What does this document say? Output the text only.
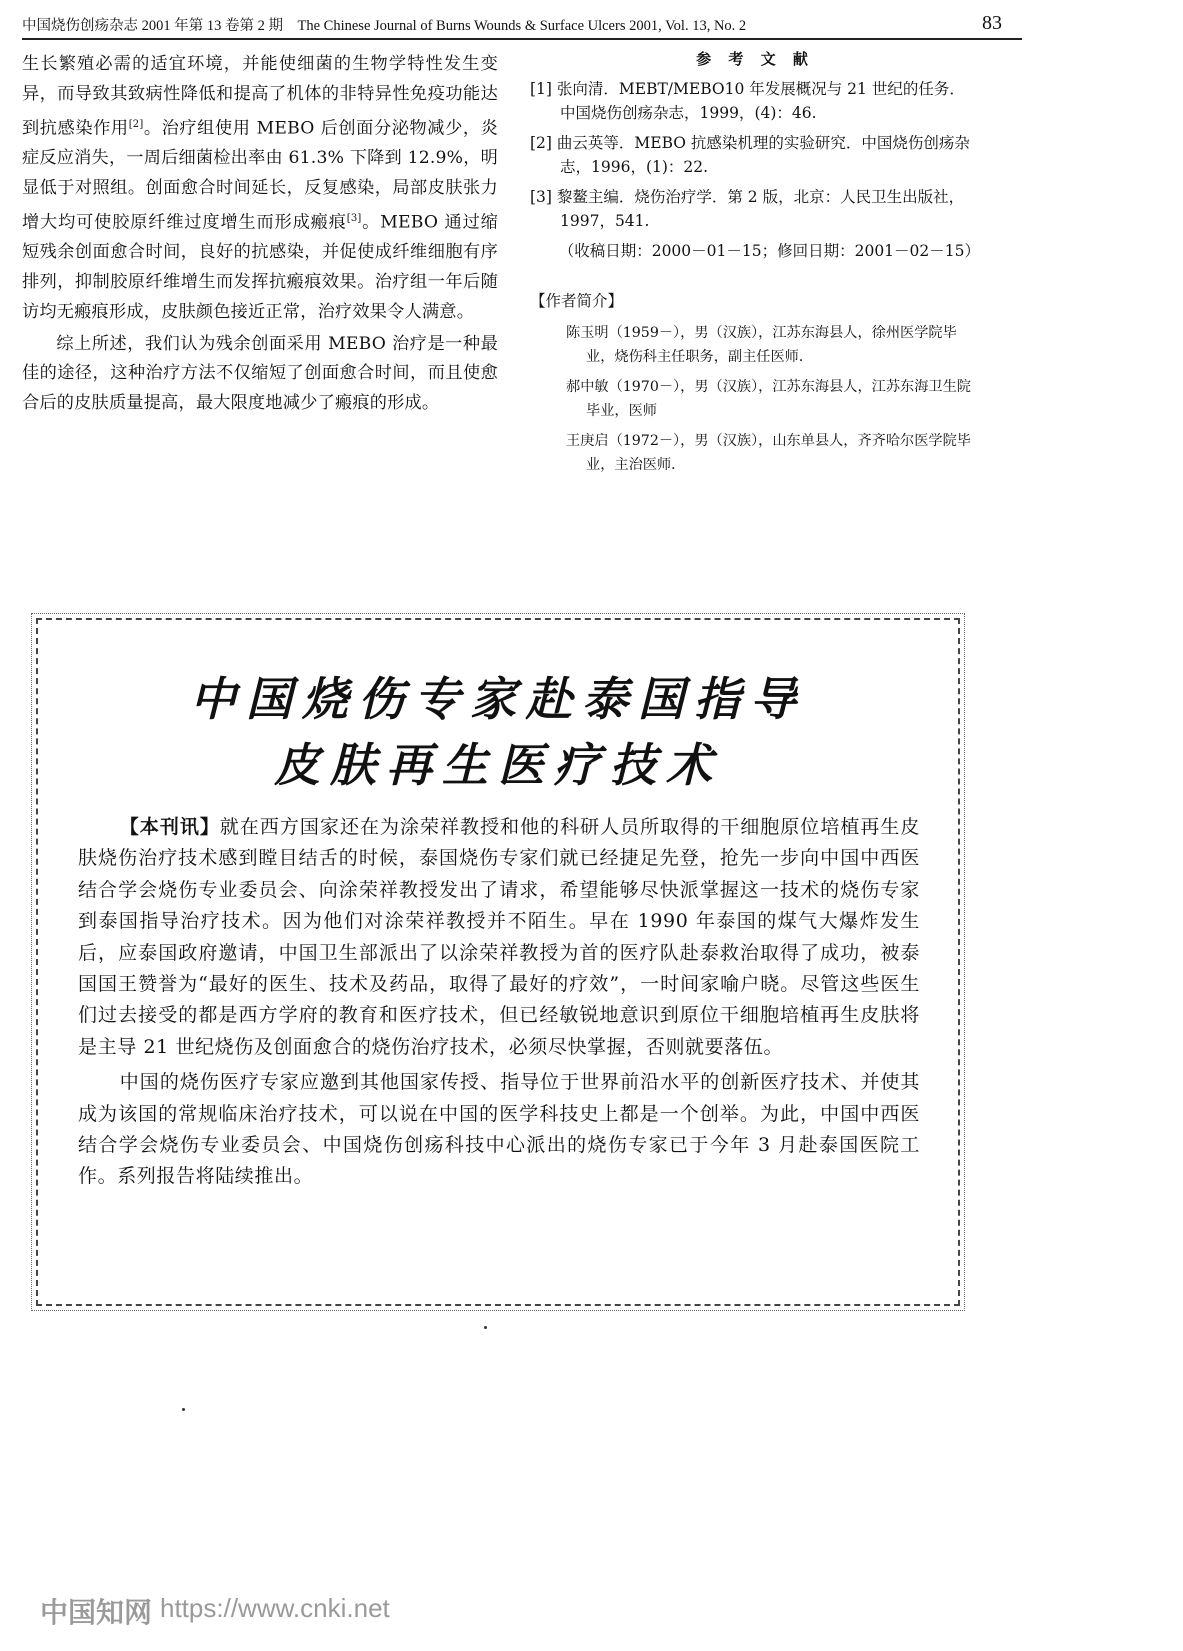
中国烧伤创疡杂志 2001 年第 13 卷第 2 期　The Chinese Journal of Burns Wounds & Surface Ulcers 2001, Vol. 13, No. 2	83

生长繁殖必需的适宜环境，并能使细菌的生物学特性发生变异，而导致其致病性降低和提高了机体的非特异性免疫功能达到抗感染作用[2]。治疗组使用 MEBO 后创面分泌物减少，炎症反应消失，一周后细菌检出率由 61.3% 下降到 12.9%，明显低于对照组。创面愈合时间延长，反复感染，局部皮肤张力增大均可使胶原纤维过度增生而形成瘢痕[3]。MEBO 通过缩短残余创面愈合时间，良好的抗感染，并促使成纤维细胞有序排列，抑制胶原纤维增生而发挥抗瘢痕效果。治疗组一年后随访均无瘢痕形成，皮肤颜色接近正常，治疗效果令人满意。

综上所述，我们认为残余创面采用 MEBO 治疗是一种最佳的途径，这种治疗方法不仅缩短了创面愈合时间，而且使愈合后的皮肤质量提高，最大限度地减少了瘢痕的形成。

参 考 文 献
[1] 张向清．MEBT/MEBO10 年发展概况与 21 世纪的任务．中国烧伤创疡杂志，1999，(4)：46.
[2] 曲云英等．MEBO 抗感染机理的实验研究．中国烧伤创疡杂志，1996，(1)：22.
[3] 黎鳌主编．烧伤治疗学．第 2 版，北京：人民卫生出版社，1997，541.
（收稿日期：2000－01－15；修回日期：2001－02－15）
【作者简介】
陈玉明（1959－），男（汉族），江苏东海县人，徐州医学院毕业，烧伤科主任职务，副主任医师．
郝中敏（1970－），男（汉族），江苏东海县人，江苏东海卫生院毕业，医师
王庚启（1972－），男（汉族），山东单县人，齐齐哈尔医学院毕业，主治医师．
中国烧伤专家赴泰国指导
皮肤再生医疗技术

【本刊讯】就在西方国家还在为涂荣祥教授和他的科研人员所取得的干细胞原位培植再生皮肤烧伤治疗技术感到瞠目结舌的时候，泰国烧伤专家们就已经捷足先登，抢先一步向中国中西医结合学会烧伤专业委员会、向涂荣祥教授发出了请求，希望能够尽快派掌握这一技术的烧伤专家到泰国指导治疗技术。因为他们对涂荣祥教授并不陌生。早在 1990 年泰国的煤气大爆炸发生后，应泰国政府邀请，中国卫生部派出了以涂荣祥教授为首的医疗队赴泰救治取得了成功，被泰国国王赞誉为“最好的医生、技术及药品，取得了最好的疗效”，一时间家喻户晓。尽管这些医生们过去接受的都是西方学府的教育和医疗技术，但已经敏锐地意识到原位干细胞培植再生皮肤将是主导 21 世纪烧伤及创面愈合的烧伤治疗技术，必须尽快掌握，否则就要落伍。

中国的烧伤医疗专家应邀到其他国家传授、指导位于世界前沿水平的创新医疗技术、并使其成为该国的常规临床治疗技术，可以说在中国的医学科技史上都是一个创举。为此，中国中西医结合学会烧伤专业委员会、中国烧伤创疡科技中心派出的烧伤专家已于今年 3 月赴泰国医院工作。系列报告将陆续推出。

中国知网 https://www.cnki.net
